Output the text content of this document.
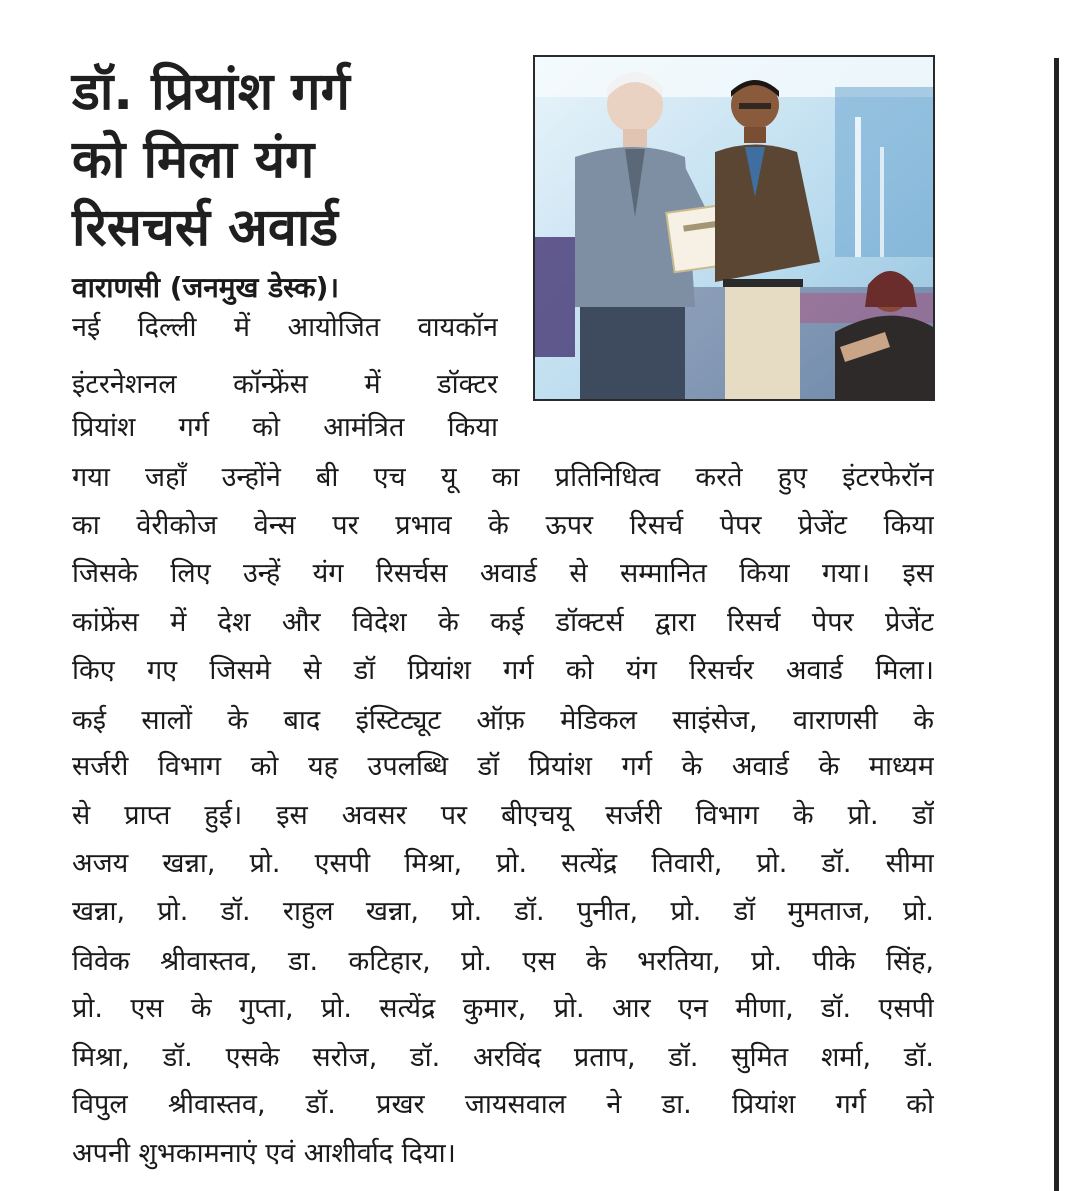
डॉ. प्रियांश गर्ग
को मिला यंग
रिसचर्स अवार्ड
वाराणसी (जनमुख डेस्क)।
नई दिल्ली में आयोजित वायकॉन
इंटरनेशनल कॉन्फ्रेंस में डॉक्टर
प्रियांश गर्ग को आमंत्रित किया
गया जहाँ उन्होंने बी एच यू का प्रतिनिधित्व करते हुए इंटरफेरॉन
का वेरीकोज वेन्स पर प्रभाव के ऊपर रिसर्च पेपर प्रेजेंट किया
जिसके लिए उन्हें यंग रिसर्चस अवार्ड से सम्मानित किया गया। इस
कांफ्रेंस में देश और विदेश के कई डॉक्टर्स द्वारा रिसर्च पेपर प्रेजेंट
किए गए जिसमे से डॉ प्रियांश गर्ग को यंग रिसर्चर अवार्ड मिला।
कई सालों के बाद इंस्टिट्यूट ऑफ़ मेडिकल साइंसेज, वाराणसी के
सर्जरी विभाग को यह उपलब्धि डॉ प्रियांश गर्ग के अवार्ड के माध्यम
से प्राप्त हुई। इस अवसर पर बीएचयू सर्जरी विभाग के प्रो. डॉ
अजय खन्ना, प्रो. एसपी मिश्रा, प्रो. सत्येंद्र तिवारी, प्रो. डॉ. सीमा
खन्ना, प्रो. डॉ. राहुल खन्ना, प्रो. डॉ. पुनीत, प्रो. डॉ मुमताज, प्रो.
विवेक श्रीवास्तव, डा. कटिहार, प्रो. एस के भरतिया, प्रो. पीके सिंह,
प्रो. एस के गुप्ता, प्रो. सत्येंद्र कुमार, प्रो. आर एन मीणा, डॉ. एसपी
मिश्रा, डॉ. एसके सरोज, डॉ. अरविंद प्रताप, डॉ. सुमित शर्मा, डॉ.
विपुल श्रीवास्तव, डॉ. प्रखर जायसवाल ने डा. प्रियांश गर्ग को
अपनी शुभकामनाएं एवं आशीर्वाद दिया।
